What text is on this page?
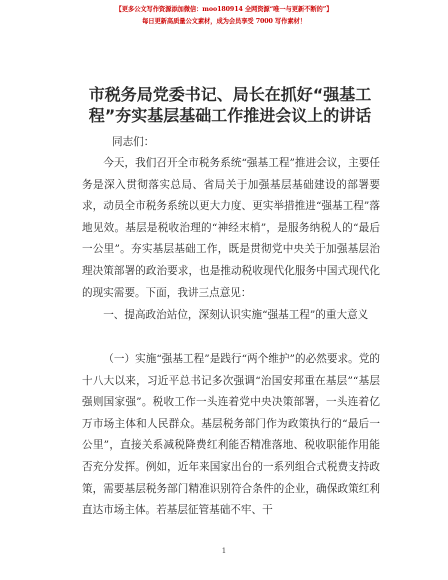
【更多公文写作资源添加微信：moo180914 全网资源“唯一与更新不断的”】
每日更新高质量公文素材，成为会员享受 7000 写作素材！
市税务局党委书记、局长在抓好“强基工程”夯实基层基础工作推进会议上的讲话
同志们：

今天，我们召开全市税务系统“强基工程”推进会议，主要任务是深入贯彻落实总局、省局关于加强基层基础建设的部署要求，动员全市税务系统以更大力度、更实举措推进“强基工程”落地见效。基层是税收治理的“神经末梢”，是服务纳税人的“最后一公里”。夯实基层基础工作，既是贯彻党中央关于加强基层治理决策部署的政治要求，也是推动税收现代化服务中国式现代化的现实需要。下面，我讲三点意见：

一、提高政治站位，深刻认识实施“强基工程”的重大意义

（一）实施“强基工程”是践行“两个维护”的必然要求。党的十八大以来，习近平总书记多次强调“治国安邦重在基层”“基层强则国家强”。税收工作一头连着党中央决策部署，一头连着亿万市场主体和人民群众。基层税务部门作为政策执行的“最后一公里”，直接关系减税降费红利能否精准落地、税收职能作用能否充分发挥。例如，近年来国家出台的一系列组合式税费支持政策，需要基层税务部门精准识别符合条件的企业，确保政策红利直达市场主体。若基层征管基础不牢、干

1
